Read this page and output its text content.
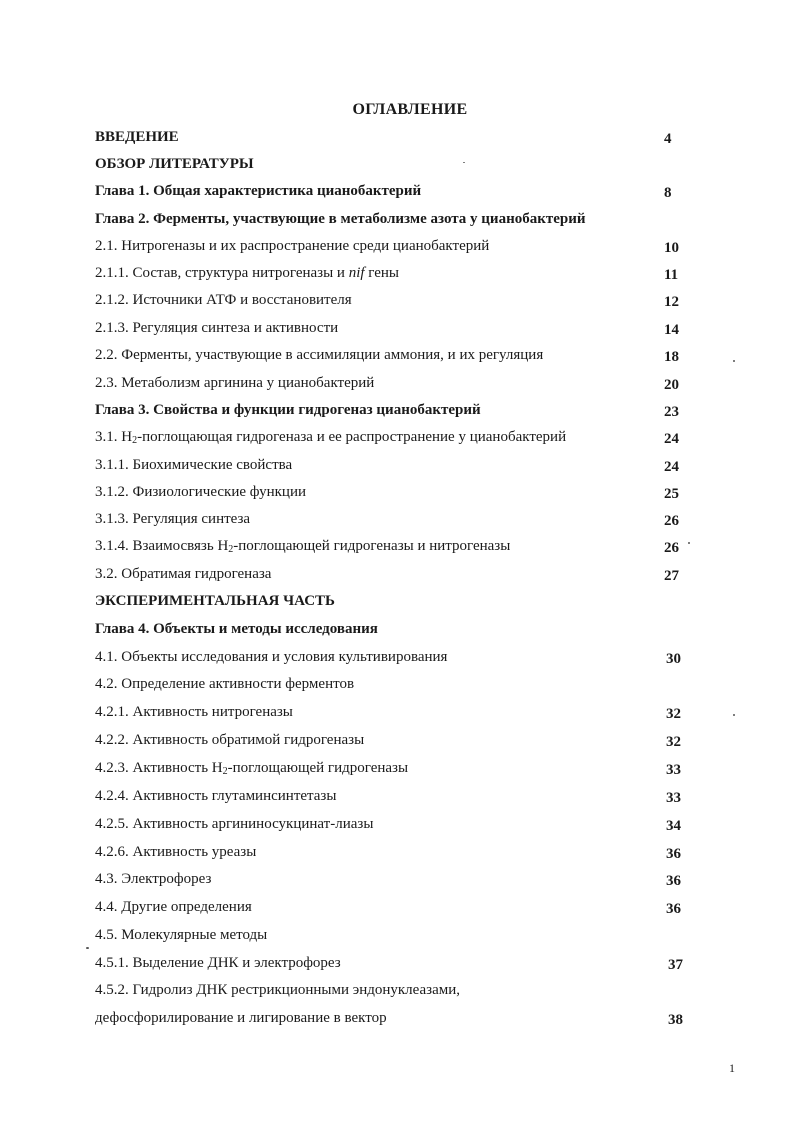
ОГЛАВЛЕНИЕ
ВВЕДЕНИЕ	4
ОБЗОР ЛИТЕРАТУРЫ
Глава 1. Общая характеристика цианобактерий	8
Глава 2. Ферменты, участвующие в метаболизме азота у цианобактерий
2.1. Нитрогеназы и их распространение среди цианобактерий	10
2.1.1. Состав, структура нитрогеназы и nif гены	11
2.1.2. Источники АТФ и восстановителя	12
2.1.3. Регуляция синтеза и активности	14
2.2. Ферменты, участвующие в ассимиляции аммония, и их регуляция	18
2.3. Метаболизм аргинина у цианобактерий	20
Глава 3. Свойства и функции гидрогеназ цианобактерий	23
3.1. $H_2$-поглощающая гидрогеназа и ее распространение у цианобактерий	24
3.1.1. Биохимические свойства	24
3.1.2. Физиологические функции	25
3.1.3. Регуляция синтеза	26
3.1.4. Взаимосвязь $H_2$-поглощающей гидрогеназы и нитрогеназы	26
3.2. Обратимая гидрогеназа	27
ЭКСПЕРИМЕНТАЛЬНАЯ ЧАСТЬ
Глава 4. Объекты и методы исследования
4.1. Объекты исследования и условия культивирования	30
4.2. Определение активности ферментов
4.2.1. Активность нитрогеназы	32
4.2.2. Активность обратимой гидрогеназы	32
4.2.3. Активность $H_2$-поглощающей гидрогеназы	33
4.2.4. Активность глутаминсинтетазы	33
4.2.5. Активность аргининосукцинат-лиазы	34
4.2.6. Активность уреазы	36
4.3. Электрофорез	36
4.4. Другие определения	36
4.5. Молекулярные методы
4.5.1. Выделение ДНК и электрофорез	37
4.5.2. Гидролиз ДНК рестрикционными эндонуклеазами,
дефосфорилирование и лигирование в вектор	38
1
